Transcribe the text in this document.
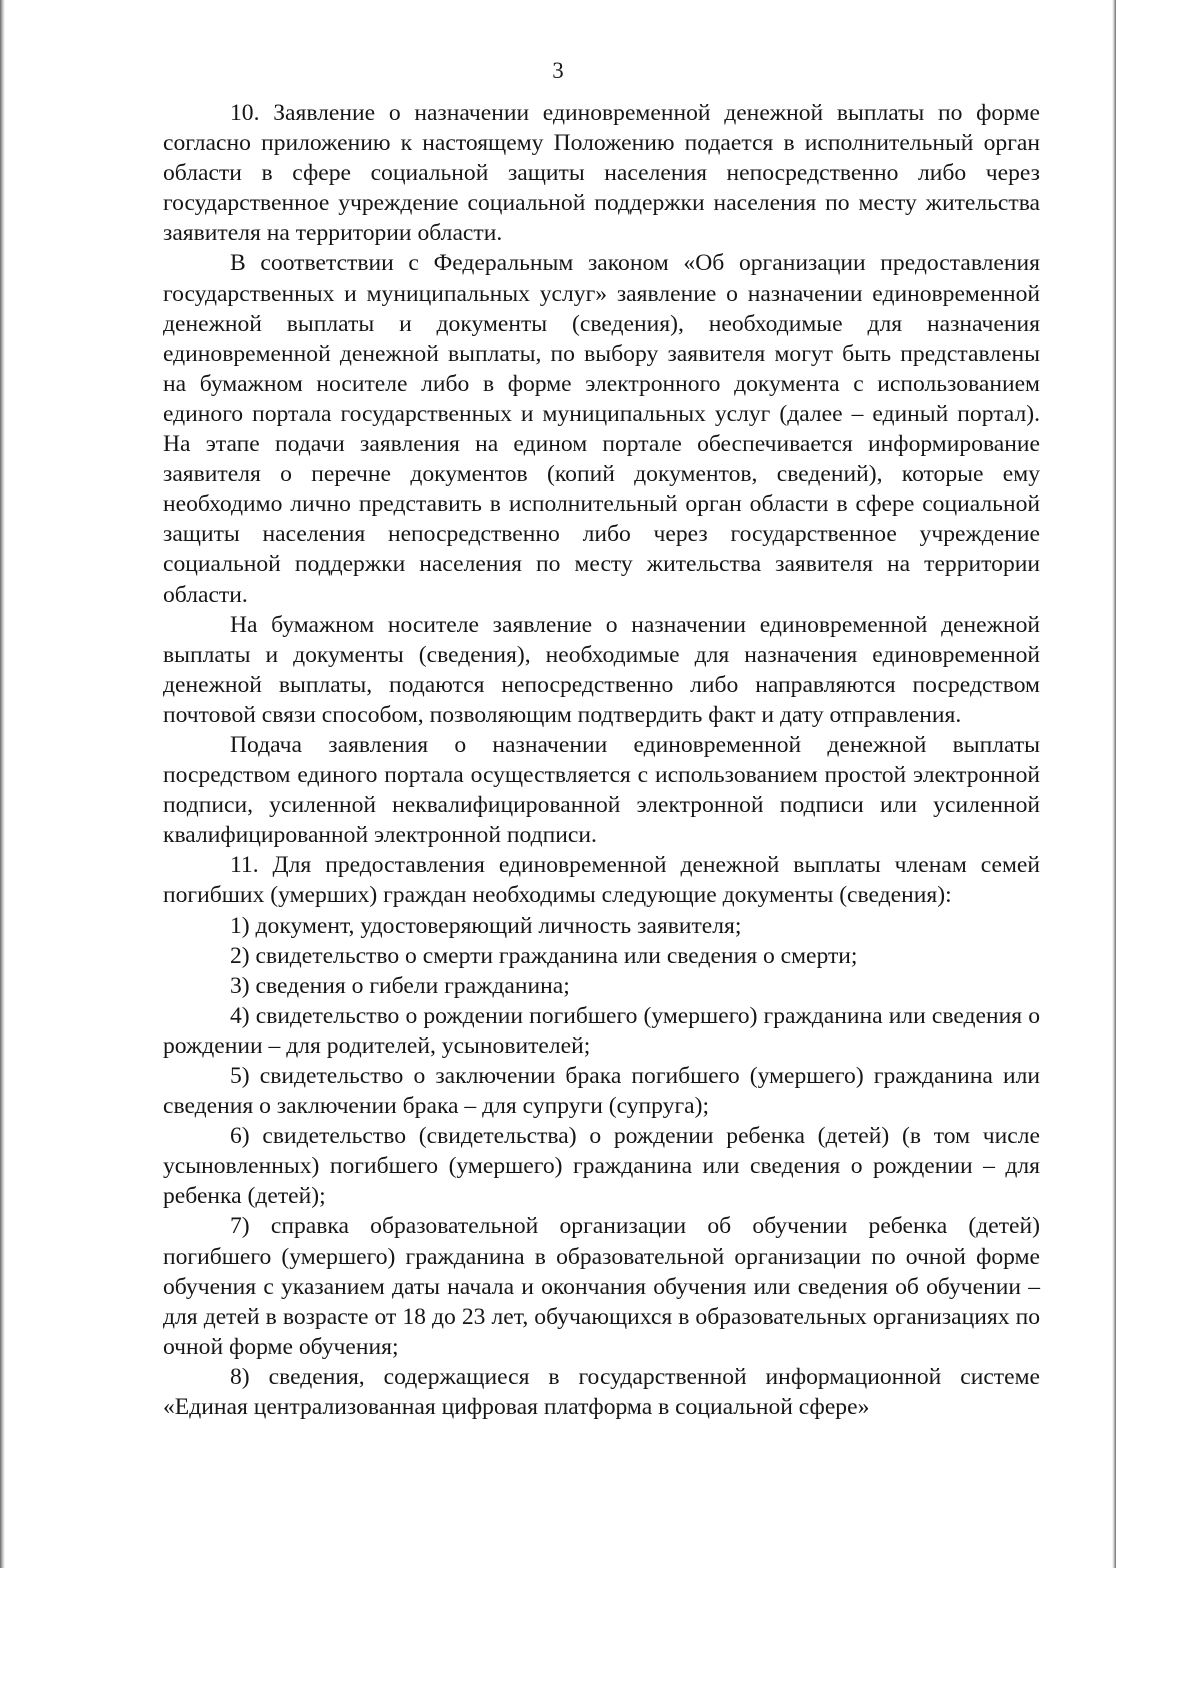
3

10. Заявление о назначении единовременной денежной выплаты по форме согласно приложению к настоящему Положению подается в исполнительный орган области в сфере социальной защиты населения непосредственно либо через государственное учреждение социальной поддержки населения по месту жительства заявителя на территории области.

В соответствии с Федеральным законом «Об организации предоставления государственных и муниципальных услуг» заявление о назначении единовременной денежной выплаты и документы (сведения), необходимые для назначения единовременной денежной выплаты, по выбору заявителя могут быть представлены на бумажном носителе либо в форме электронного документа с использованием единого портала государственных и муниципальных услуг (далее – единый портал). На этапе подачи заявления на едином портале обеспечивается информирование заявителя о перечне документов (копий документов, сведений), которые ему необходимо лично представить в исполнительный орган области в сфере социальной защиты населения непосредственно либо через государственное учреждение социальной поддержки населения по месту жительства заявителя на территории области.

На бумажном носителе заявление о назначении единовременной денежной выплаты и документы (сведения), необходимые для назначения единовременной денежной выплаты, подаются непосредственно либо направляются посредством почтовой связи способом, позволяющим подтвердить факт и дату отправления.

Подача заявления о назначении единовременной денежной выплаты посредством единого портала осуществляется с использованием простой электронной подписи, усиленной неквалифицированной электронной подписи или усиленной квалифицированной электронной подписи.

11. Для предоставления единовременной денежной выплаты членам семей погибших (умерших) граждан необходимы следующие документы (сведения):

1) документ, удостоверяющий личность заявителя;

2) свидетельство о смерти гражданина или сведения о смерти;

3) сведения о гибели гражданина;

4) свидетельство о рождении погибшего (умершего) гражданина или сведения о рождении – для родителей, усыновителей;

5) свидетельство о заключении брака погибшего (умершего) гражданина или сведения о заключении брака – для супруги (супруга);

6) свидетельство (свидетельства) о рождении ребенка (детей) (в том числе усыновленных) погибшего (умершего) гражданина или сведения о рождении – для ребенка (детей);

7) справка образовательной организации об обучении ребенка (детей) погибшего (умершего) гражданина в образовательной организации по очной форме обучения с указанием даты начала и окончания обучения или сведения об обучении – для детей в возрасте от 18 до 23 лет, обучающихся в образовательных организациях по очной форме обучения;

8) сведения, содержащиеся в государственной информационной системе «Единая централизованная цифровая платформа в социальной сфере»
